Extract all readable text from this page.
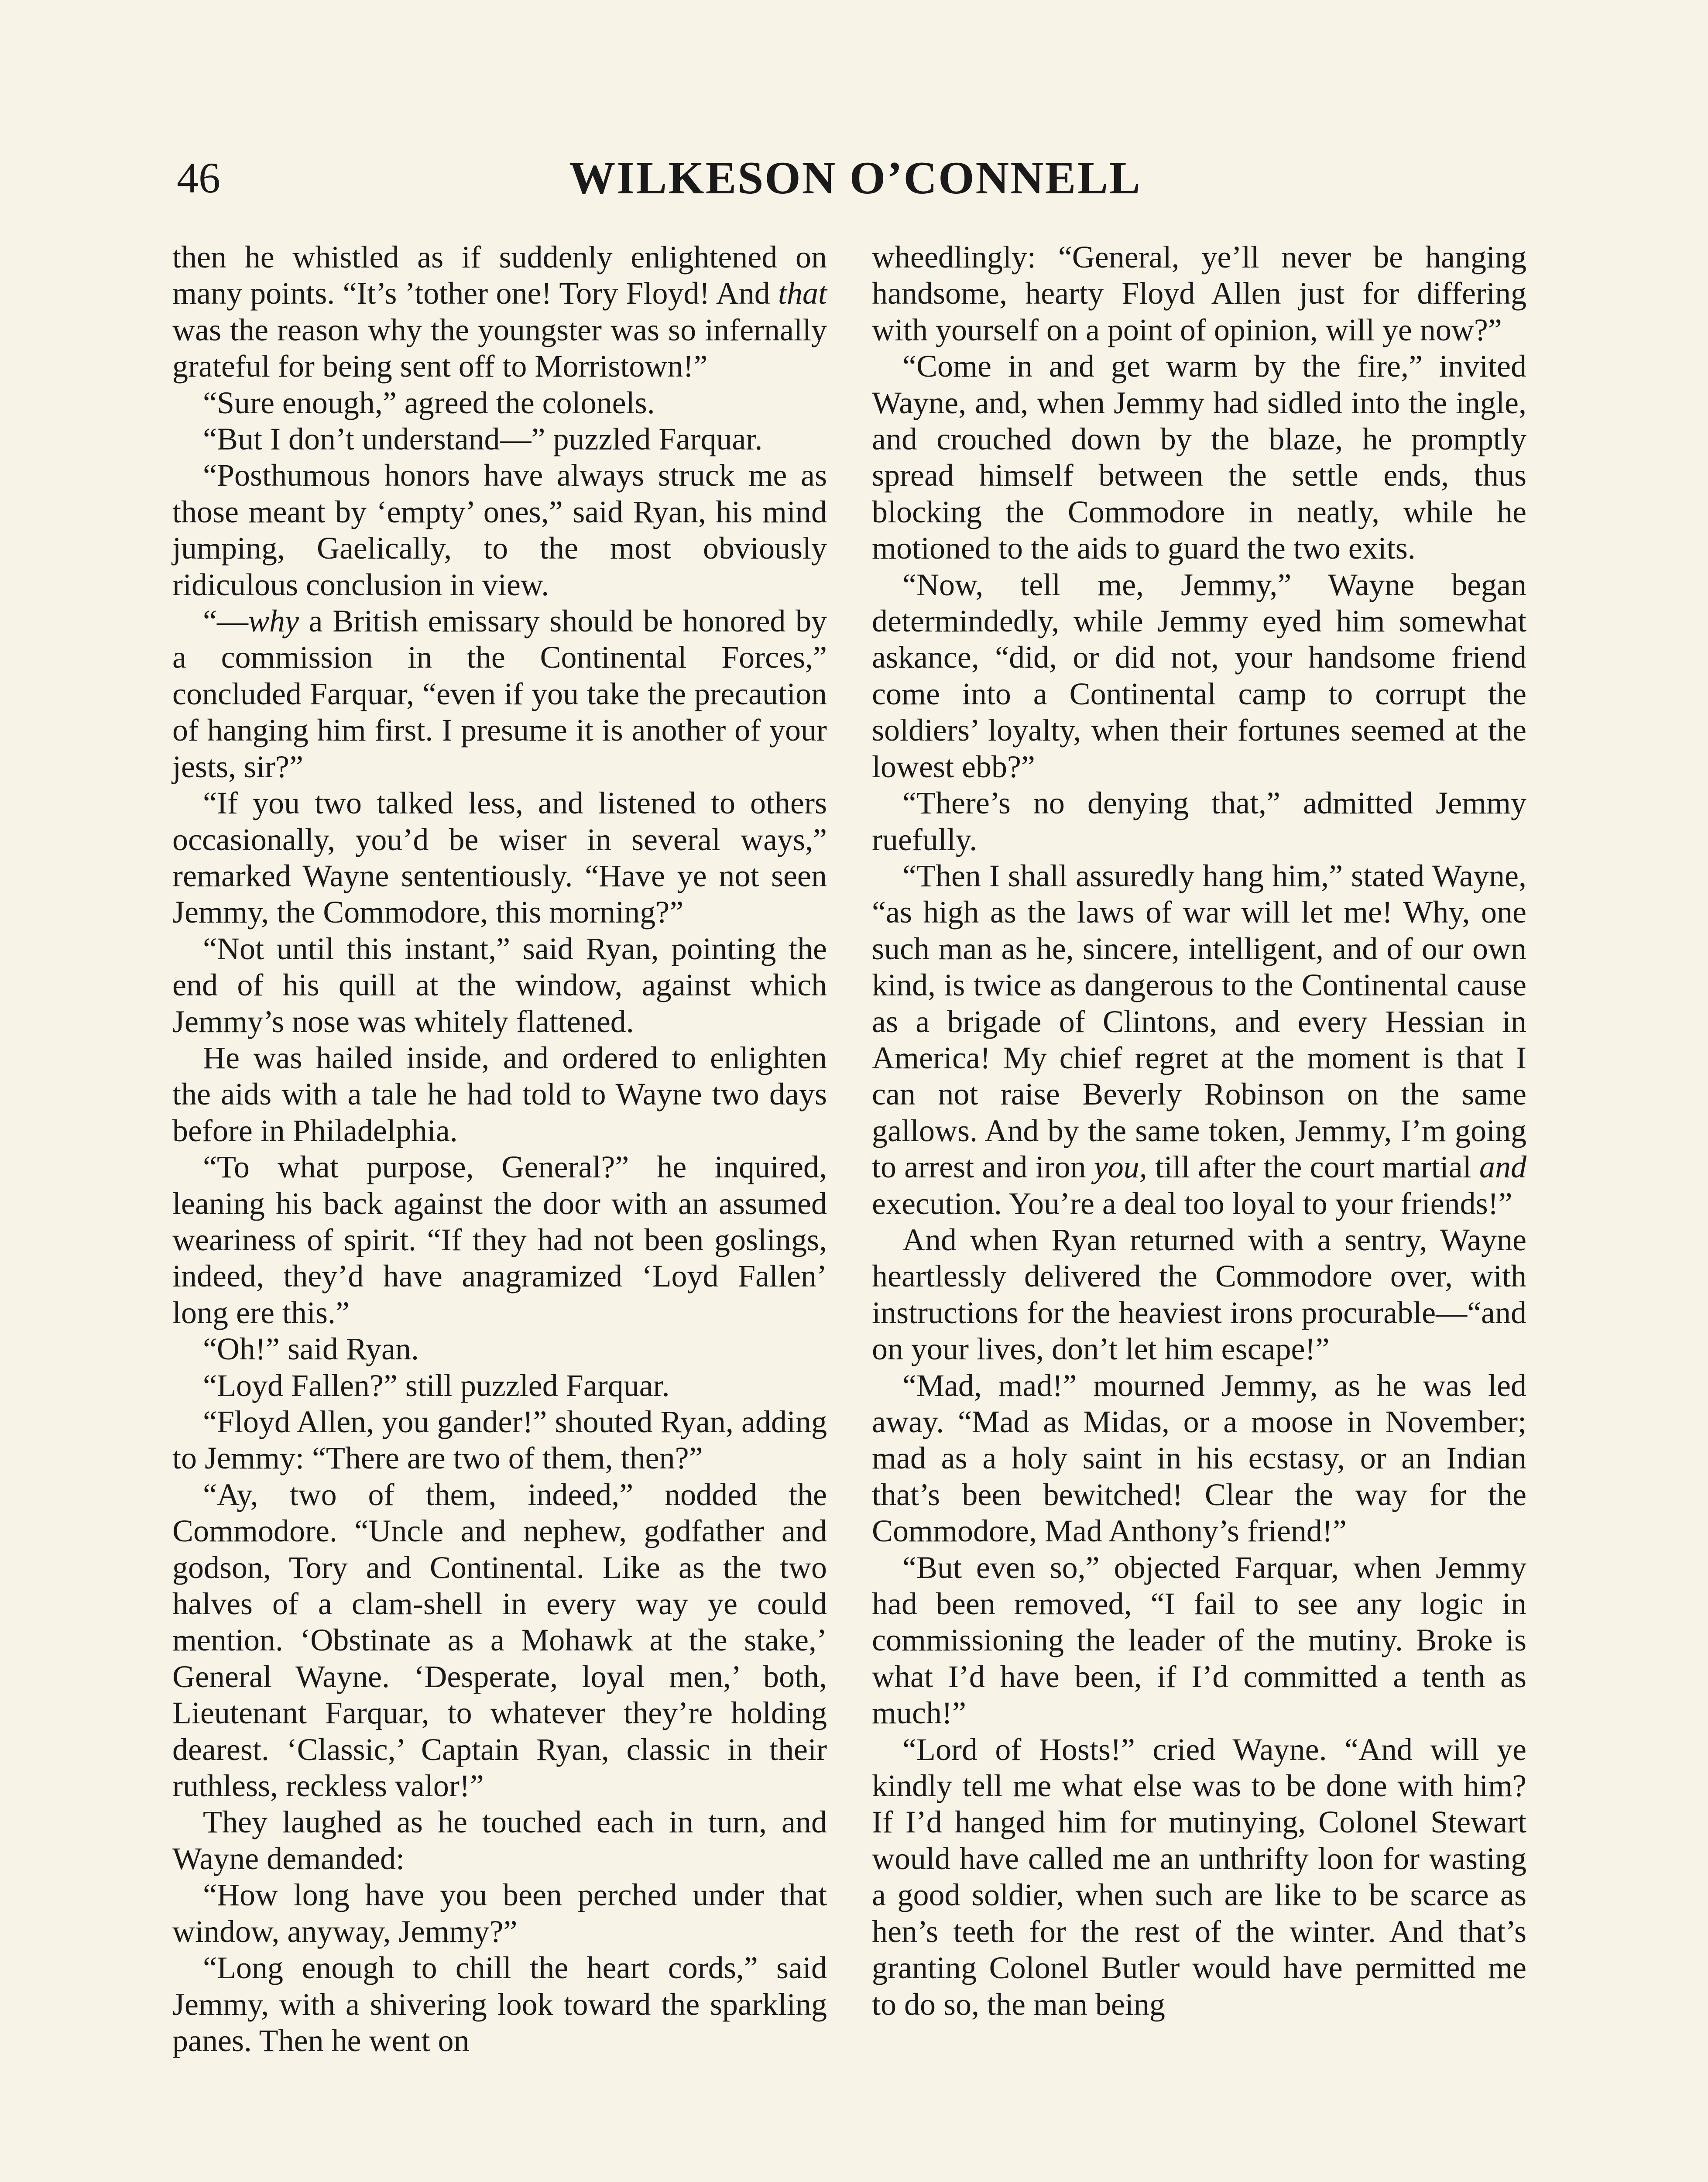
46	WILKESON O’CONNELL

then he whistled as if suddenly enlightened on many points. “It’s ’tother one! Tory Floyd! And that was the reason why the youngster was so infernally grateful for being sent off to Morristown!”

“Sure enough,” agreed the colonels.

“But I don’t understand—” puzzled Farquar.

“Posthumous honors have always struck me as those meant by ‘empty’ ones,” said Ryan, his mind jumping, Gaelically, to the most obviously ridiculous conclusion in view.

“—why a British emissary should be honored by a commission in the Continental Forces,” concluded Farquar, “even if you take the precaution of hanging him first. I presume it is another of your jests, sir?”

“If you two talked less, and listened to others occasionally, you’d be wiser in several ways,” remarked Wayne sententiously. “Have ye not seen Jemmy, the Commodore, this morning?”

“Not until this instant,” said Ryan, pointing the end of his quill at the window, against which Jemmy’s nose was whitely flattened.

He was hailed inside, and ordered to enlighten the aids with a tale he had told to Wayne two days before in Philadelphia.

“To what purpose, General?” he inquired, leaning his back against the door with an assumed weariness of spirit. “If they had not been goslings, indeed, they’d have anagramized ‘Loyd Fallen’ long ere this.”

“Oh!” said Ryan.

“Loyd Fallen?” still puzzled Farquar.

“Floyd Allen, you gander!” shouted Ryan, adding to Jemmy: “There are two of them, then?”

“Ay, two of them, indeed,” nodded the Commodore. “Uncle and nephew, godfather and godson, Tory and Continental. Like as the two halves of a clam-shell in every way ye could mention. ‘Obstinate as a Mohawk at the stake,’ General Wayne. ‘Desperate, loyal men,’ both, Lieutenant Farquar, to whatever they’re holding dearest. ‘Classic,’ Captain Ryan, classic in their ruthless, reckless valor!”

They laughed as he touched each in turn, and Wayne demanded:

“How long have you been perched under that window, anyway, Jemmy?”

“Long enough to chill the heart cords,” said Jemmy, with a shivering look toward the sparkling panes. Then he went on

wheedlingly: “General, ye’ll never be hanging handsome, hearty Floyd Allen just for differing with yourself on a point of opinion, will ye now?”

“Come in and get warm by the fire,” invited Wayne, and, when Jemmy had sidled into the ingle, and crouched down by the blaze, he promptly spread himself between the settle ends, thus blocking the Commodore in neatly, while he motioned to the aids to guard the two exits.

“Now, tell me, Jemmy,” Wayne began determindedly, while Jemmy eyed him somewhat askance, “did, or did not, your handsome friend come into a Continental camp to corrupt the soldiers’ loyalty, when their fortunes seemed at the lowest ebb?”

“There’s no denying that,” admitted Jemmy ruefully.

“Then I shall assuredly hang him,” stated Wayne, “as high as the laws of war will let me! Why, one such man as he, sincere, intelligent, and of our own kind, is twice as dangerous to the Continental cause as a brigade of Clintons, and every Hessian in America! My chief regret at the moment is that I can not raise Beverly Robinson on the same gallows. And by the same token, Jemmy, I’m going to arrest and iron you, till after the court martial and execution. You’re a deal too loyal to your friends!”

And when Ryan returned with a sentry, Wayne heartlessly delivered the Commodore over, with instructions for the heaviest irons procurable—“and on your lives, don’t let him escape!”

“Mad, mad!” mourned Jemmy, as he was led away. “Mad as Midas, or a moose in November; mad as a holy saint in his ecstasy, or an Indian that’s been bewitched! Clear the way for the Commodore, Mad Anthony’s friend!”

“But even so,” objected Farquar, when Jemmy had been removed, “I fail to see any logic in commissioning the leader of the mutiny. Broke is what I’d have been, if I’d committed a tenth as much!”

“Lord of Hosts!” cried Wayne. “And will ye kindly tell me what else was to be done with him? If I’d hanged him for mutinying, Colonel Stewart would have called me an unthrifty loon for wasting a good soldier, when such are like to be scarce as hen’s teeth for the rest of the winter. And that’s granting Colonel Butler would have permitted me to do so, the man being
